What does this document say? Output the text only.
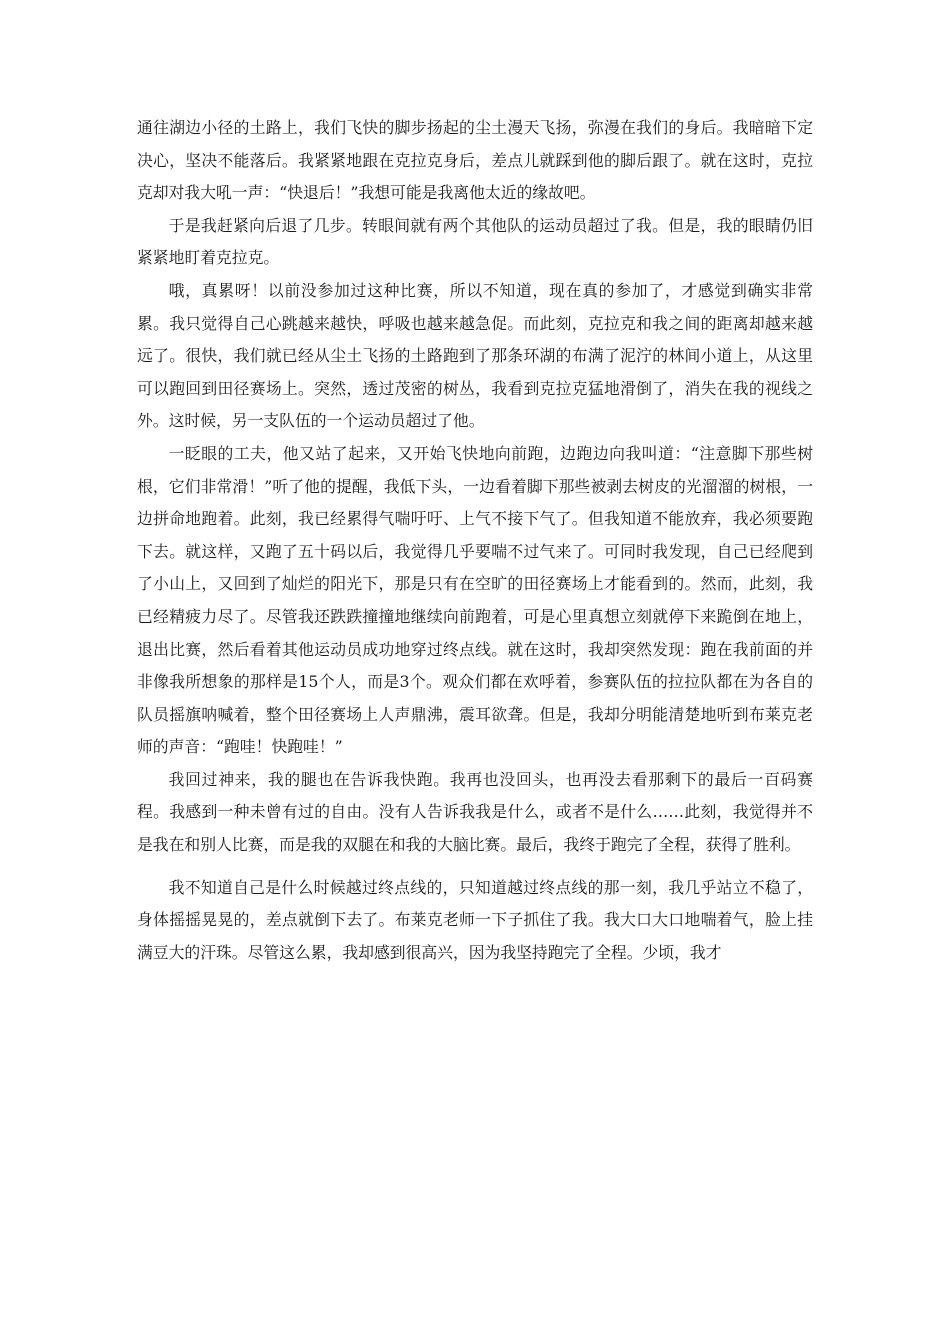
通往湖边小径的土路上，我们飞快的脚步扬起的尘土漫天飞扬，弥漫在我们的身后。我暗暗下定决心，坚决不能落后。我紧紧地跟在克拉克身后，差点儿就踩到他的脚后跟了。就在这时，克拉克却对我大吼一声：“快退后！”我想可能是我离他太近的缘故吧。

于是我赶紧向后退了几步。转眼间就有两个其他队的运动员超过了我。但是，我的眼睛仍旧紧紧地盯着克拉克。

哦，真累呀！以前没参加过这种比赛，所以不知道，现在真的参加了，才感觉到确实非常累。我只觉得自己心跳越来越快，呼吸也越来越急促。而此刻，克拉克和我之间的距离却越来越远了。很快，我们就已经从尘土飞扬的土路跑到了那条环湖的布满了泥泞的林间小道上，从这里可以跑回到田径赛场上。突然，透过茂密的树丛，我看到克拉克猛地滑倒了，消失在我的视线之外。这时候，另一支队伍的一个运动员超过了他。

一眨眼的工夫，他又站了起来，又开始飞快地向前跑，边跑边向我叫道：“注意脚下那些树根，它们非常滑！”听了他的提醒，我低下头，一边看着脚下那些被剥去树皮的光溜溜的树根，一边拼命地跑着。此刻，我已经累得气喘吁吁、上气不接下气了。但我知道不能放弃，我必须要跑下去。就这样，又跑了五十码以后，我觉得几乎要喘不过气来了。可同时我发现，自己已经爬到了小山上，又回到了灿烂的阳光下，那是只有在空旷的田径赛场上才能看到的。然而，此刻，我已经精疲力尽了。尽管我还跌跌撞撞地继续向前跑着，可是心里真想立刻就停下来跪倒在地上，退出比赛，然后看着其他运动员成功地穿过终点线。就在这时，我却突然发现：跑在我前面的并非像我所想象的那样是15个人，而是3个。观众们都在欢呼着，参赛队伍的拉拉队都在为各自的队员摇旗呐喊着，整个田径赛场上人声鼎沸，震耳欲聋。但是，我却分明能清楚地听到布莱克老师的声音：“跑哇！快跑哇！”

我回过神来，我的腿也在告诉我快跑。我再也没回头，也再没去看那剩下的最后一百码赛程。我感到一种未曾有过的自由。没有人告诉我我是什么，或者不是什么……此刻，我觉得并不是我在和别人比赛，而是我的双腿在和我的大脑比赛。最后，我终于跑完了全程，获得了胜利。

我不知道自己是什么时候越过终点线的，只知道越过终点线的那一刻，我几乎站立不稳了，身体摇摇晃晃的，差点就倒下去了。布莱克老师一下子抓住了我。我大口大口地喘着气，脸上挂满豆大的汗珠。尽管这么累，我却感到很高兴，因为我坚持跑完了全程。少顷，我才
